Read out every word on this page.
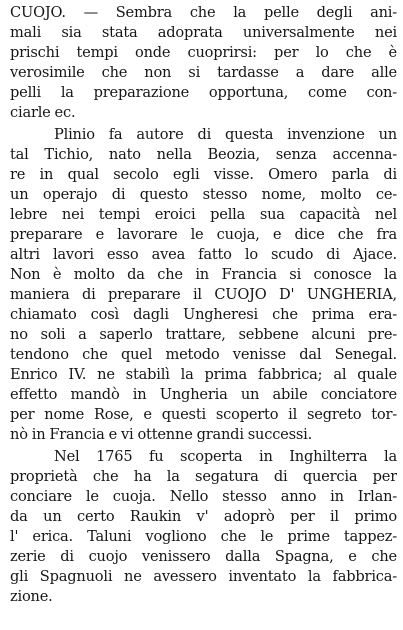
CUOJO. — Sembra che la pelle degli ani-
mali sia stata adoprata universalmente nei
prischi tempi onde cuoprirsi: per lo che è
verosimile che non si tardasse a dare alle
pelli la preparazione opportuna, come con-
ciarle ec.
Plinio fa autore di questa invenzione un
tal Tichio, nato nella Beozia, senza accenna-
re in qual secolo egli visse. Omero parla di
un operajo di questo stesso nome, molto ce-
lebre nei tempi eroici pella sua capacità nel
preparare e lavorare le cuoja, e dice che fra
altri lavori esso avea fatto lo scudo di Ajace.
Non è molto da che in Francia si conosce la
maniera di preparare il CUOJO D' UNGHERIA,
chiamato così dagli Ungheresi che prima era-
no soli a saperlo trattare, sebbene alcuni pre-
tendono che quel metodo venisse dal Senegal.
Enrico IV. ne stabilì la prima fabbrica; al quale
effetto mandò in Ungheria un abile conciatore
per nome Rose, e questi scoperto il segreto tor-
nò in Francia e vi ottenne grandi successi.
Nel 1765 fu scoperta in Inghilterra la
proprietà che ha la segatura di quercia per
conciare le cuoja. Nello stesso anno in Irlan-
da un certo Raukin v' adoprò per il primo
l' erica. Taluni vogliono che le prime tappez-
zerie di cuojo venissero dalla Spagna, e che
gli Spagnuoli ne avessero inventato la fabbrica-
zione.
